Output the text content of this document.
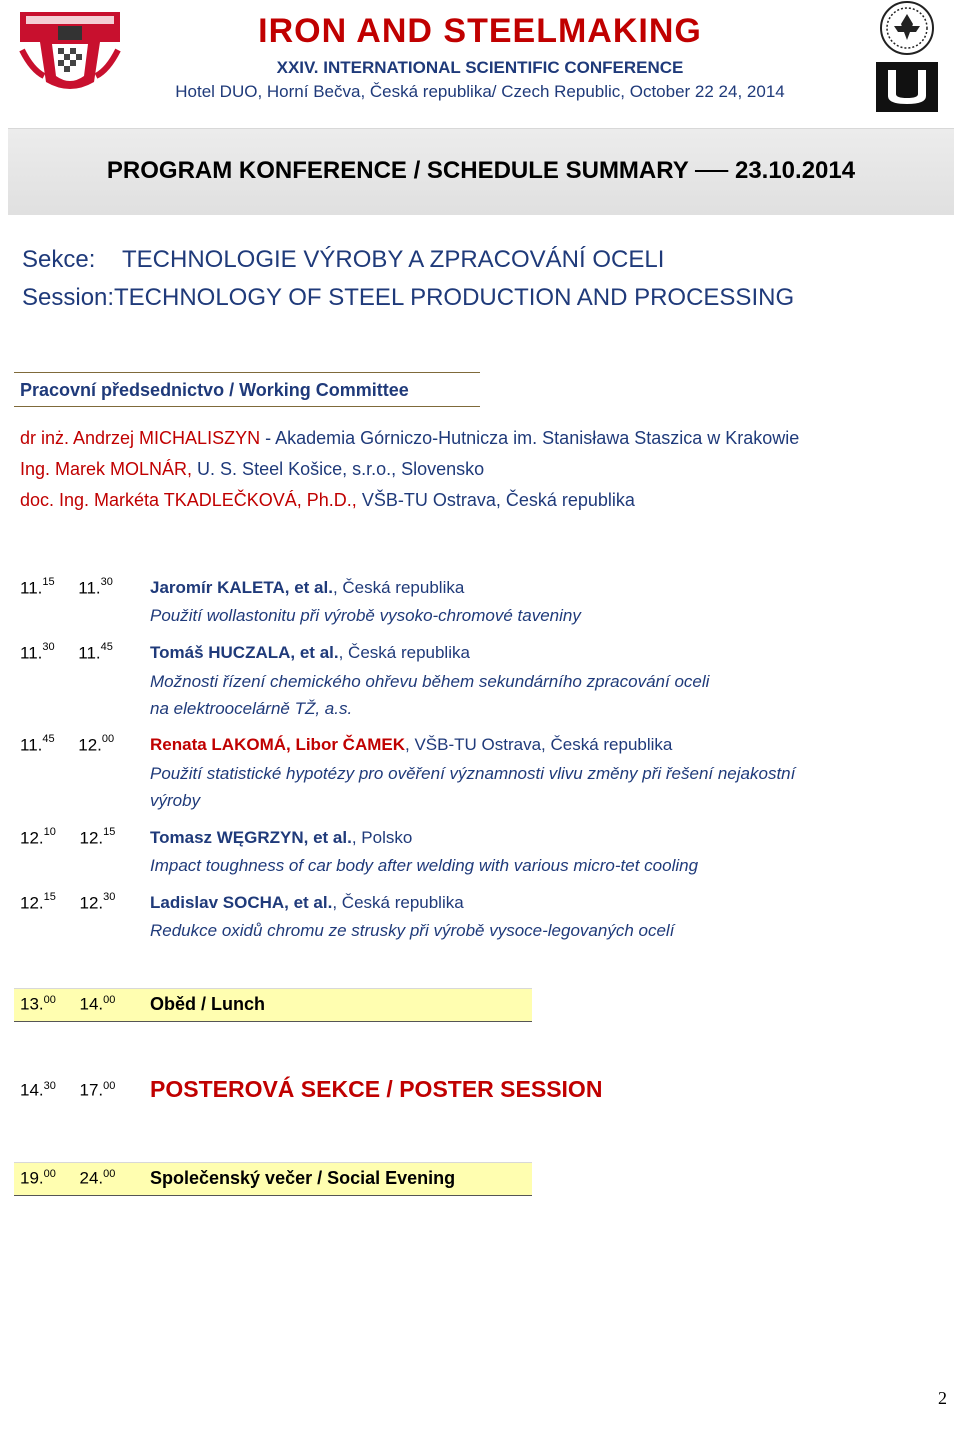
IRON AND STEELMAKING
XXIV. INTERNATIONAL SCIENTIFIC CONFERENCE
Hotel DUO, Horní Bečva, Česká republika/ Czech Republic, October 22 24, 2014
PROGRAM KONFERENCE / SCHEDULE SUMMARY 23.10.2014
Sekce: TECHNOLOGIE VÝROBY A ZPRACOVÁNÍ OCELI
Session: TECHNOLOGY OF STEEL PRODUCTION AND PROCESSING
Pracovní předsednictvo / Working Committee
dr inż. Andrzej MICHALISZYN - Akademia Górniczo-Hutnicza im. Stanisława Staszica w Krakowie
Ing. Marek MOLNÁR, U. S. Steel Košice, s.r.o., Slovensko
doc. Ing. Markéta TKADLEČKOVÁ, Ph.D., VŠB-TU Ostrava, Česká republika
11.15 11.30 Jaromír KALETA, et al., Česká republika
Použití wollastonitu při výrobě vysoko-chromové taveniny
11.30 11.45 Tomáš HUCZALA, et al., Česká republika
Možnosti řízení chemického ohřevu během sekundárního zpracování oceli
na elektroocelárně TŽ, a.s.
11.45 12.00 Renata LAKOMÁ, Libor ČAMEK, VŠB-TU Ostrava, Česká republika
Použití statistické hypotézy pro ověření významnosti vlivu změny při řešení nejakostní
výroby
12.10 12.15 Tomasz WĘGRZYN, et al., Polsko
Impact toughness of car body after welding with various micro-tet cooling
12.15 12.30 Ladislav SOCHA, et al., Česká republika
Redukce oxidů chromu ze strusky při výrobě vysoce-legovaných ocelí
13.00 14.00 Oběd / Lunch
14.30 17.00 POSTEROVÁ SEKCE / POSTER SESSION
19.00 24.00 Společenský večer / Social Evening
2
